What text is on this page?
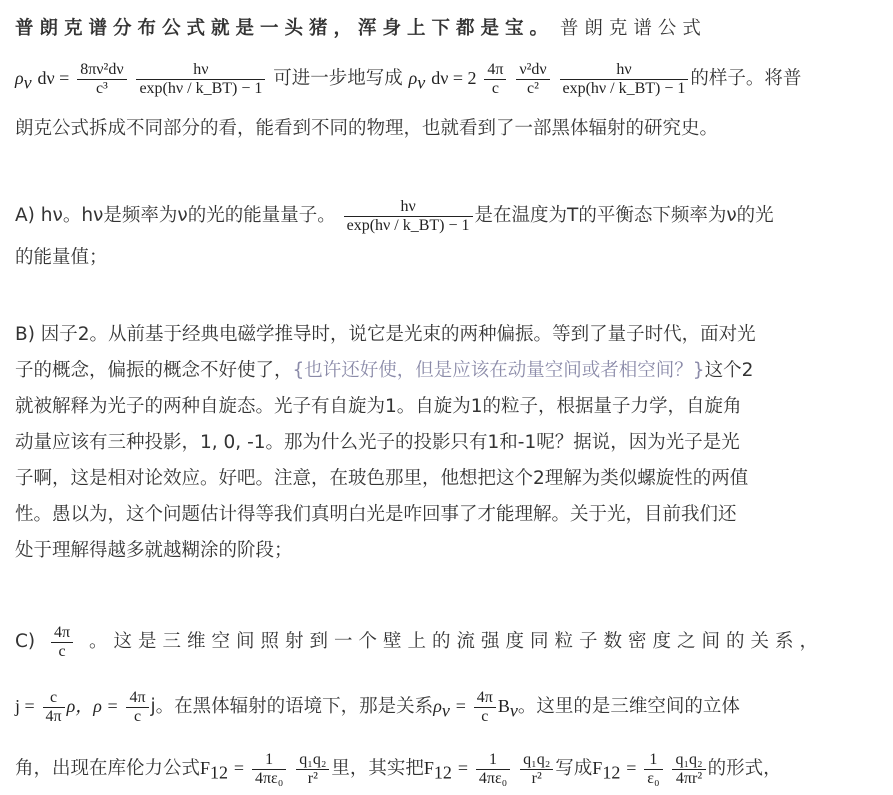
普朗克谱分布公式就是一头猪，浑身上下都是宝。 普朗克谱公式
ρν $d\nu = \frac{\text{8πν²dν}}{\text{c³}}$
$\frac{h\nu}{\exp(h\nu / k\_BT) - 1}$ 可进一步地写成 ρν $d\nu = 2 \frac{4\pi}{c}$
$\frac{\text{ν²dν}}{\text{c²}}$
$\frac{h\nu}{\exp(h\nu / k\_BT) - 1}$ 的样子。将普
朗克公式拆成不同部分的看，能看到不同的物理，也就看到了一部黑体辐射的研究史。
A) hν。hν是频率为ν的光的能量量子。 $\frac{h\nu}{\exp(h\nu / k\_BT) - 1}$ 是在温度为T的平衡态下频率为ν的光
的能量值；
B) 因子2。从前基于经典电磁学推导时，说它是光束的两种偏振。等到了量子时代，面对光
子的概念，偏振的概念不好使了，{也许还好使，但是应该在动量空间或者相空间？}这个2
就被解释为光子的两种自旋态。光子有自旋为1。自旋为1的粒子，根据量子力学，自旋角
动量应该有三种投影，1, 0, -1。那为什么光子的投影只有1和-1呢？据说，因为光子是光
子啊，这是相对论效应。好吧。注意，在玻色那里，他想把这个2理解为类似螺旋性的两值
性。愚以为，这个问题估计得等我们真明白光是咋回事了才能理解。关于光，目前我们还
处于理解得越多就越糊涂的阶段；
$C) \frac{4\pi}{c}$ 。这是三维空间照射到一个壁上的流强度同粒子数密度之间的关系，
$j = \frac{c}{4\pi}$ ρ，$\rho = \frac{4\pi}{c}$ j。在黑体辐射的语境下，那是关系$\rho\nu = \frac{4\pi}{c}$ Bν。这里的是三维空间的立体
角，出现在库伦力公式$F12 = \frac{1}{\text{4πε₀}}$
$\frac{\text{q₁q₂}}{\text{r²}}$ 里，其实把$F12 = \frac{1}{\text{4πε₀}}$
$\frac{\text{q₁q₂}}{\text{r²}}$ 写成$F12 = \frac{1}{\text{ε₀}}$
$\frac{\text{q₁q₂}}{\text{4πr²}}$ 的形式，
